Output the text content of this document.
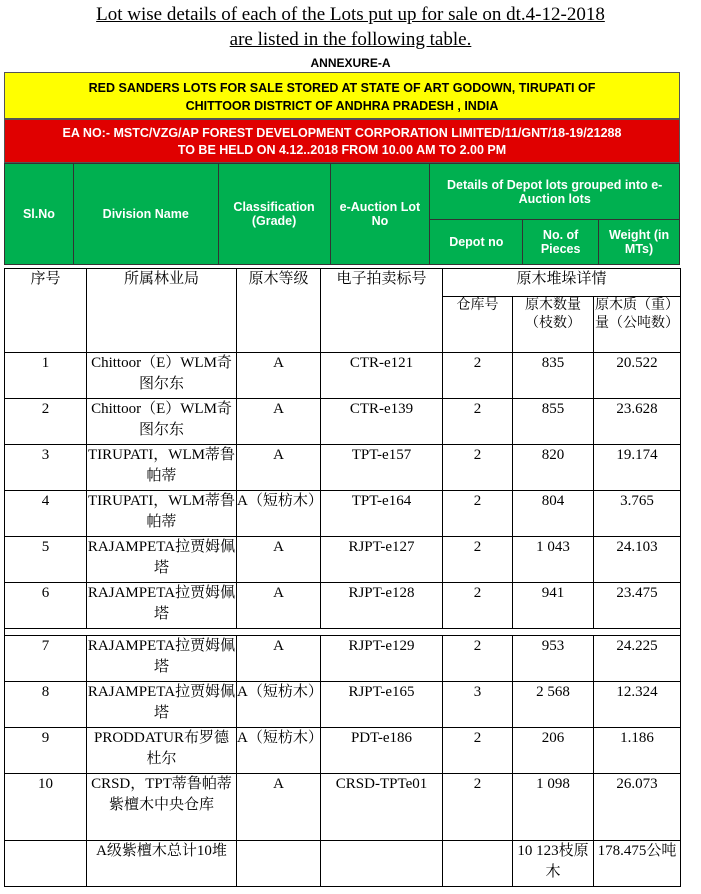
Lot wise details of each of the Lots put up for sale on dt.4-12-2018
are listed in the following table.
ANNEXURE-A
RED SANDERS LOTS FOR SALE STORED AT STATE OF ART GODOWN, TIRUPATI OF
CHITTOOR DISTRICT OF ANDHRA PRADESH , INDIA
EA NO:- MSTC/VZG/AP FOREST DEVELOPMENT CORPORATION LIMITED/11/GNT/18-19/21288
TO BE HELD ON 4.12..2018 FROM 10.00 AM TO 2.00 PM
Sl.No	Division Name	Classification (Grade)	e-Auction Lot No	Details of Depot lots grouped into e-Auction lots		
				Depot no	No. of Pieces	Weight (in MTs)
序号	所属林业局	原木等级	电子拍卖标号	原木堆垛详情		
				仓库号	原木数量（枝数）	原木质（重）量（公吨数）
1	Chittoor（E）WLM奇图尔东	A	CTR-e121	2	835	20.522
2	Chittoor（E）WLM奇图尔东	A	CTR-e139	2	855	23.628
3	TIRUPATI，WLM蒂鲁帕蒂	A	TPT-e157	2	820	19.174
4	TIRUPATI，WLM蒂鲁帕蒂	A（短枋木）	TPT-e164	2	804	3.765
5	RAJAMPETA拉贾姆佩塔	A	RJPT-e127	2	1 043	24.103
6	RAJAMPETA拉贾姆佩塔	A	RJPT-e128	2	941	23.475

7	RAJAMPETA拉贾姆佩塔	A	RJPT-e129	2	953	24.225
8	RAJAMPETA拉贾姆佩塔	A（短枋木）	RJPT-e165	3	2 568	12.324
9	PRODDATUR布罗德杜尔	A（短枋木）	PDT-e186	2	206	1.186
10	CRSD，TPT蒂鲁帕蒂紫檀木中央仓库	A	CRSD-TPTe01	2	1 098	26.073
	A级紫檀木总计10堆				10 123枝原木	178.475公吨
